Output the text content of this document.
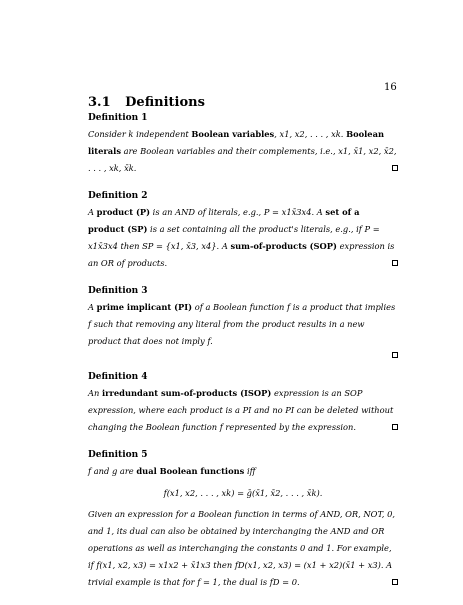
16
3.1 Definitions
Definition 1
Consider k independent Boolean variables, x1, x2, . . . , xk. Boolean literals are Boolean variables and their complements, i.e., x1, x̄1, x2, x̄2, . . . , xk, x̄k.
Definition 2
A product (P) is an AND of literals, e.g., P = x1x̄3x4. A set of a product (SP) is a set containing all the product's literals, e.g., if P = x1x̄3x4 then SP = {x1, x̄3, x4}. A sum-of-products (SOP) expression is an OR of products.
Definition 3
A prime implicant (PI) of a Boolean function f is a product that implies f such that removing any literal from the product results in a new product that does not imply f.
Definition 4
An irredundant sum-of-products (ISOP) expression is an SOP expression, where each product is a PI and no PI can be deleted without changing the Boolean function f represented by the expression.
Definition 5
f and g are dual Boolean functions iff
f(x1, x2, . . . , xk) = ḡ(x̄1, x̄2, . . . , x̄k).
Given an expression for a Boolean function in terms of AND, OR, NOT, 0, and 1, its dual can also be obtained by interchanging the AND and OR operations as well as interchanging the constants 0 and 1. For example, if f(x1, x2, x3) = x1x2 + x̄1x3 then fD(x1, x2, x3) = (x1 + x2)(x̄1 + x3). A trivial example is that for f = 1, the dual is fD = 0.
